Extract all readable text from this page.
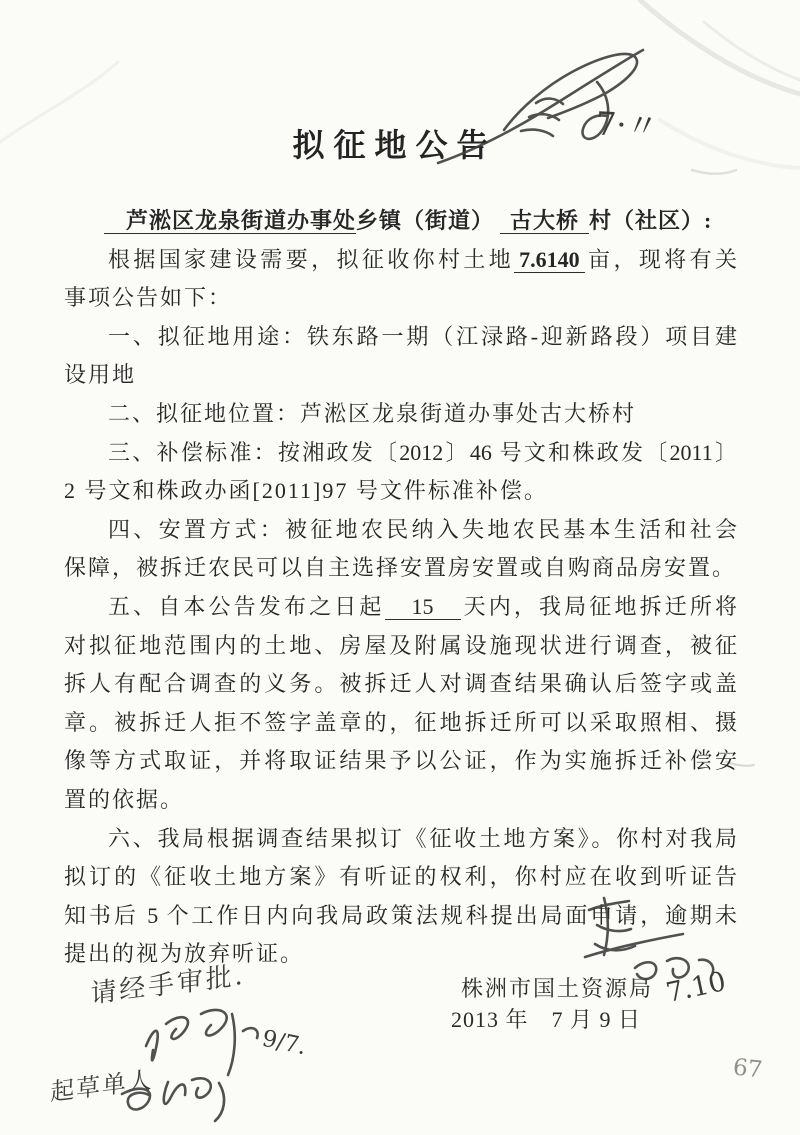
拟征地公告
芦淞区龙泉街道办事处乡镇（街道） 古大桥 村（社区）:
根据国家建设需要，拟征收你村土地 7.6140 亩，现将有关
事项公告如下：
一、拟征地用途：铁东路一期（江渌路-迎新路段）项目建
设用地
二、拟征地位置：芦淞区龙泉街道办事处古大桥村
三、补偿标准：按湘政发〔2012〕46 号文和株政发〔2011〕
2 号文和株政办函[2011]97 号文件标准补偿。
四、安置方式：被征地农民纳入失地农民基本生活和社会
保障，被拆迁农民可以自主选择安置房安置或自购商品房安置。
五、自本公告发布之日起 15 天内，我局征地拆迁所将
对拟征地范围内的土地、房屋及附属设施现状进行调查，被征
拆人有配合调查的义务。被拆迁人对调查结果确认后签字或盖
章。被拆迁人拒不签字盖章的，征地拆迁所可以采取照相、摄
像等方式取证，并将取证结果予以公证，作为实施拆迁补偿安
置的依据。
六、我局根据调查结果拟订《征收土地方案》。你村对我局
拟订的《征收土地方案》有听证的权利，你村应在收到听证告
知书后 5 个工作日内向我局政策法规科提出局面申请，逾期未
提出的视为放弃听证。
株洲市国土资源局
2013 年　7 月 9 日
7·〃
7.10
请经手审批.
9/7.
起草单人	67
